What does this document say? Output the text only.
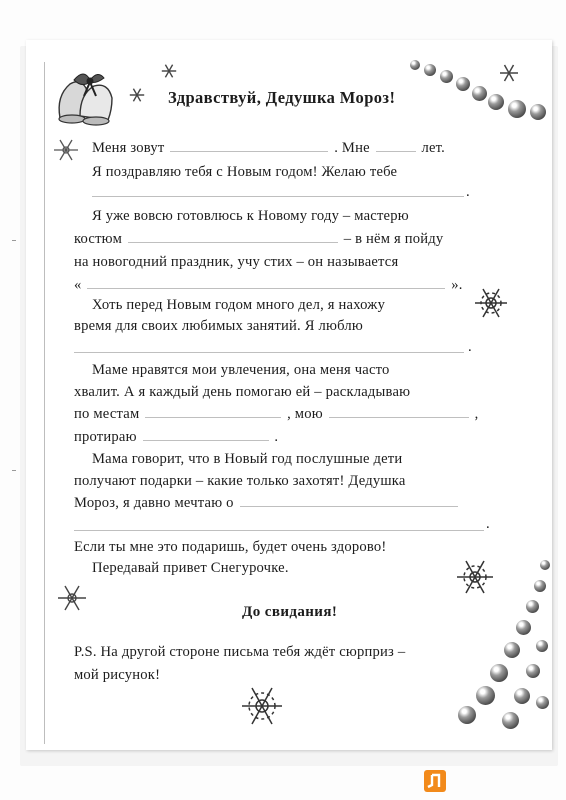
Здравствуй, Дедушка Мороз!
Меня зовут	. Мне	лет.
Я поздравляю тебя с Новым годом! Желаю тебе
.
Я уже вовсю готовлюсь к Новому году – мастерю
костюм	– в нём я пойду
на новогодний праздник, учу стих – он называется
«	».
Хоть перед Новым годом много дел, я нахожу
время для своих любимых занятий. Я люблю
.
Маме нравятся мои увлечения, она меня часто
хвалит. А я каждый день помогаю ей – раскладываю
по местам	, мою	,
протираю	.
Мама говорит, что в Новый год послушные дети
получают подарки – какие только захотят! Дедушка
Мороз, я давно мечтаю о
.
Если ты мне это подаришь, будет очень здорово!
Передавай привет Снегурочке.
До свидания!
P.S. На другой стороне письма тебя ждёт сюрприз –
мой рисунок!
